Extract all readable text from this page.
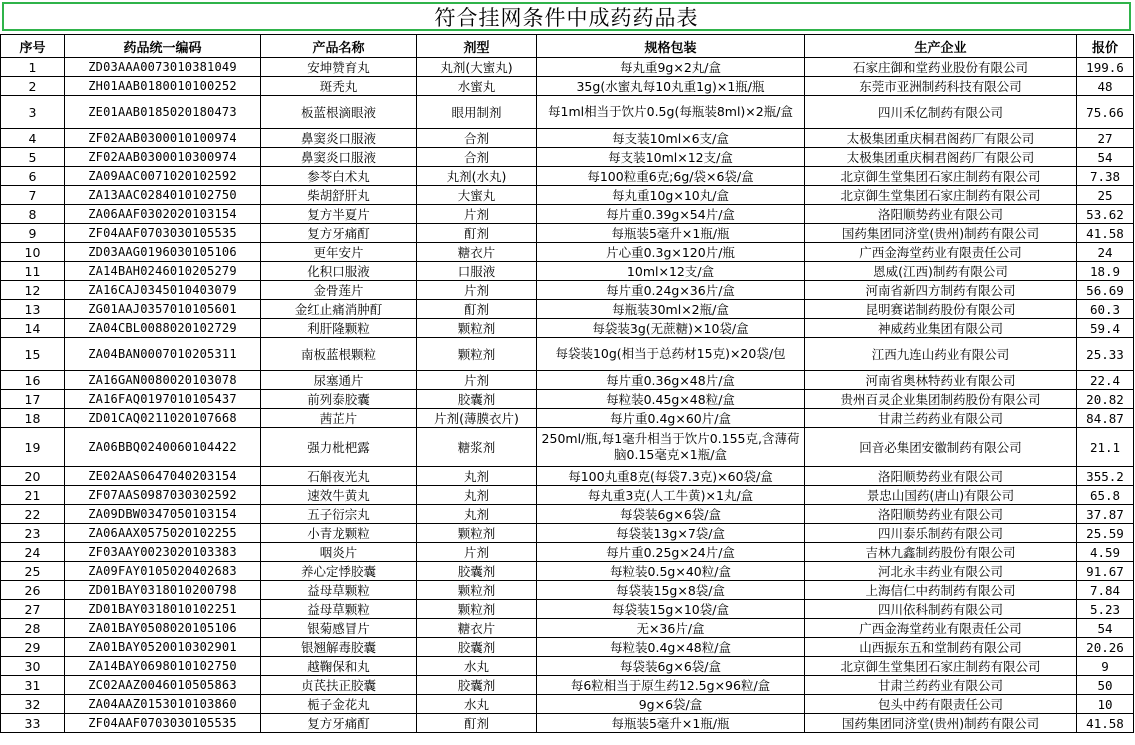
符合挂网条件中成药药品表
序号	药品统一编码	产品名称	剂型	规格包装	生产企业	报价
1	ZD03AAA0073010381049	安坤赞育丸	丸剂(大蜜丸)	每丸重9g×2丸/盒	石家庄御和堂药业股份有限公司	199.6
2	ZH01AAB0180010100252	斑秃丸	水蜜丸	35g(水蜜丸每10丸重1g)×1瓶/瓶	东莞市亚洲制药科技有限公司	48
3	ZE01AAB0185020180473	板蓝根滴眼液	眼用制剂	每1ml相当于饮片0.5g(每瓶装8ml)×2瓶/盒	四川禾亿制药有限公司	75.66
4	ZF02AAB0300010100974	鼻窦炎口服液	合剂	每支装10ml×6支/盒	太极集团重庆桐君阁药厂有限公司	27
5	ZF02AAB0300010300974	鼻窦炎口服液	合剂	每支装10ml×12支/盒	太极集团重庆桐君阁药厂有限公司	54
6	ZA09AAC0071020102592	参苓白术丸	丸剂(水丸)	每100粒重6克;6g/袋×6袋/盒	北京御生堂集团石家庄制药有限公司	7.38
7	ZA13AAC0284010102750	柴胡舒肝丸	大蜜丸	每丸重10g×10丸/盒	北京御生堂集团石家庄制药有限公司	25
8	ZA06AAF0302020103154	复方半夏片	片剂	每片重0.39g×54片/盒	洛阳顺势药业有限公司	53.62
9	ZF04AAF0703030105535	复方牙痛酊	酊剂	每瓶装5毫升×1瓶/瓶	国药集团同济堂(贵州)制药有限公司	41.58
10	ZD03AAG0196030105106	更年安片	糖衣片	片心重0.3g×120片/瓶	广西金海堂药业有限责任公司	24
11	ZA14BAH0246010205279	化积口服液	口服液	10ml×12支/盒	恩威(江西)制药有限公司	18.9
12	ZA16CAJ0345010403079	金骨莲片	片剂	每片重0.24g×36片/盒	河南省新四方制药有限公司	56.69
13	ZG01AAJ0357010105601	金红止痛消肿酊	酊剂	每瓶装30ml×2瓶/盒	昆明赛诺制药股份有限公司	60.3
14	ZA04CBL0088020102729	利肝隆颗粒	颗粒剂	每袋装3g(无蔗糖)×10袋/盒	神威药业集团有限公司	59.4
15	ZA04BAN0007010205311	南板蓝根颗粒	颗粒剂	每袋装10g(相当于总药材15克)×20袋/包	江西九连山药业有限公司	25.33
16	ZA16GAN0080020103078	尿塞通片	片剂	每片重0.36g×48片/盒	河南省奥林特药业有限公司	22.4
17	ZA16FAQ0197010105437	前列泰胶囊	胶囊剂	每粒装0.45g×48粒/盒	贵州百灵企业集团制药股份有限公司	20.82
18	ZD01CAQ0211020107668	茜芷片	片剂(薄膜衣片)	每片重0.4g×60片/盒	甘肃兰药药业有限公司	84.87
19	ZA06BBQ0240060104422	强力枇杷露	糖浆剂	250ml/瓶,每1毫升相当于饮片0.155克,含薄荷脑0.15毫克×1瓶/盒	回音必集团安徽制药有限公司	21.1
20	ZE02AAS0647040203154	石斛夜光丸	丸剂	每100丸重8克(每袋7.3克)×60袋/盒	洛阳顺势药业有限公司	355.2
21	ZF07AAS0987030302592	速效牛黄丸	丸剂	每丸重3克(人工牛黄)×1丸/盒	景忠山国药(唐山)有限公司	65.8
22	ZA09DBW0347050103154	五子衍宗丸	丸剂	每袋装6g×6袋/盒	洛阳顺势药业有限公司	37.87
23	ZA06AAX0575020102255	小青龙颗粒	颗粒剂	每袋装13g×7袋/盒	四川泰乐制药有限公司	25.59
24	ZF03AAY0023020103383	咽炎片	片剂	每片重0.25g×24片/盒	吉林九鑫制药股份有限公司	4.59
25	ZA09FAY0105020402683	养心定悸胶囊	胶囊剂	每粒装0.5g×40粒/盒	河北永丰药业有限公司	91.67
26	ZD01BAY0318010200798	益母草颗粒	颗粒剂	每袋装15g×8袋/盒	上海信仁中药制药有限公司	7.84
27	ZD01BAY0318010102251	益母草颗粒	颗粒剂	每袋装15g×10袋/盒	四川依科制药有限公司	5.23
28	ZA01BAY0508020105106	银菊感冒片	糖衣片	无×36片/盒	广西金海堂药业有限责任公司	54
29	ZA01BAY0520010302901	银翘解毒胶囊	胶囊剂	每粒装0.4g×48粒/盒	山西振东五和堂制药有限公司	20.26
30	ZA14BAY0698010102750	越鞠保和丸	水丸	每袋装6g×6袋/盒	北京御生堂集团石家庄制药有限公司	9
31	ZC02AAZ0046010505863	贞芪扶正胶囊	胶囊剂	每6粒相当于原生药12.5g×96粒/盒	甘肃兰药药业有限公司	50
32	ZA04AAZ0153010103860	栀子金花丸	水丸	9g×6袋/盒	包头中药有限责任公司	10
33	ZF04AAF0703030105535	复方牙痛酊	酊剂	每瓶装5毫升×1瓶/瓶	国药集团同济堂(贵州)制药有限公司	41.58
